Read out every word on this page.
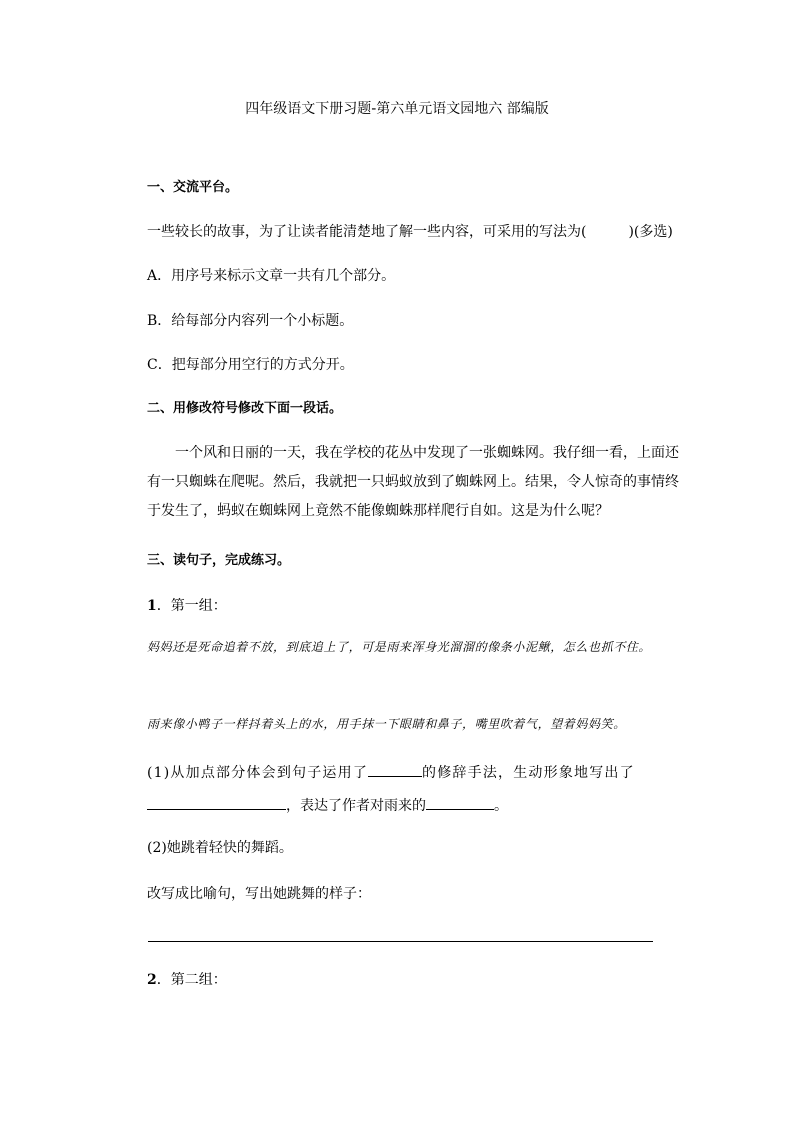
四年级语文下册习题-第六单元语文园地六 部编版
一、交流平台。
一些较长的故事，为了让读者能清楚地了解一些内容，可采用的写法为(　　　)(多选)
A．用序号来标示文章一共有几个部分。
B．给每部分内容列一个小标题。
C．把每部分用空行的方式分开。
二、用修改符号修改下面一段话。
一个风和日丽的一天，我在学校的花丛中发现了一张蜘蛛网。我仔细一看，上面还有一只蜘蛛在爬呢。然后，我就把一只蚂蚁放到了蜘蛛网上。结果，令人惊奇的事情终于发生了，蚂蚁在蜘蛛网上竟然不能像蜘蛛那样爬行自如。这是为什么呢？
三、读句子，完成练习。
1．第一组：
妈妈还是死命追着不放，到底追上了，可是雨来浑身光溜溜的像条小泥鳅，怎么也抓不住。
雨来像小鸭子一样抖着头上的水，用手抹一下眼睛和鼻子，嘴里吹着气，望着妈妈笑。
(1)从加点部分体会到句子运用了	的修辞手法，生动形象地写出了
，表达了作者对雨来的	。
(2)她跳着轻快的舞蹈。
改写成比喻句，写出她跳舞的样子：
2．第二组：
